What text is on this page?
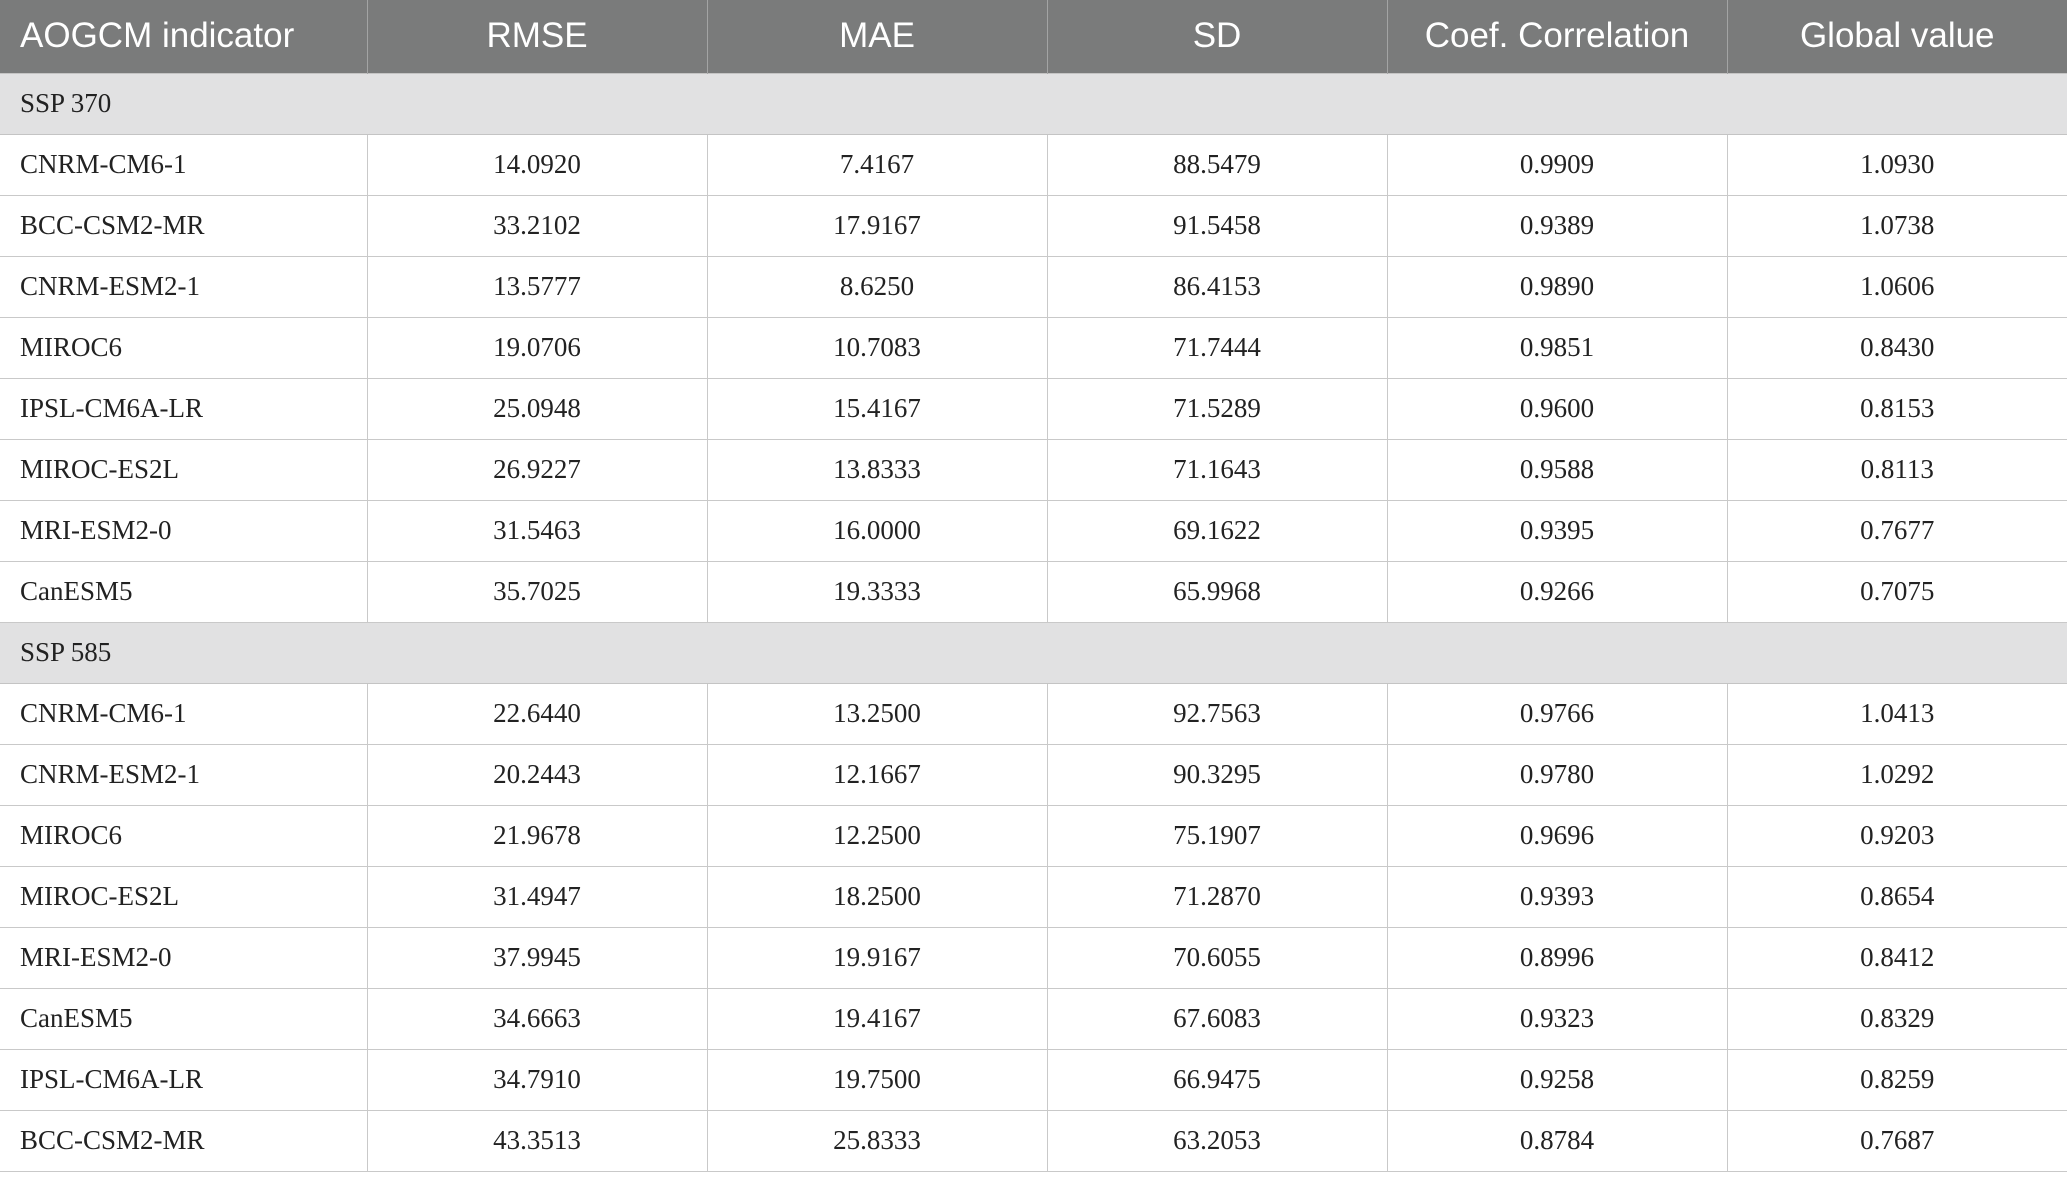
AOGCM indicator	RMSE	MAE	SD	Coef. Correlation	Global value
SSP 370					
CNRM-CM6-1	14.0920	7.4167	88.5479	0.9909	1.0930
BCC-CSM2-MR	33.2102	17.9167	91.5458	0.9389	1.0738
CNRM-ESM2-1	13.5777	8.6250	86.4153	0.9890	1.0606
MIROC6	19.0706	10.7083	71.7444	0.9851	0.8430
IPSL-CM6A-LR	25.0948	15.4167	71.5289	0.9600	0.8153
MIROC-ES2L	26.9227	13.8333	71.1643	0.9588	0.8113
MRI-ESM2-0	31.5463	16.0000	69.1622	0.9395	0.7677
CanESM5	35.7025	19.3333	65.9968	0.9266	0.7075
SSP 585					
CNRM-CM6-1	22.6440	13.2500	92.7563	0.9766	1.0413
CNRM-ESM2-1	20.2443	12.1667	90.3295	0.9780	1.0292
MIROC6	21.9678	12.2500	75.1907	0.9696	0.9203
MIROC-ES2L	31.4947	18.2500	71.2870	0.9393	0.8654
MRI-ESM2-0	37.9945	19.9167	70.6055	0.8996	0.8412
CanESM5	34.6663	19.4167	67.6083	0.9323	0.8329
IPSL-CM6A-LR	34.7910	19.7500	66.9475	0.9258	0.8259
BCC-CSM2-MR	43.3513	25.8333	63.2053	0.8784	0.7687
